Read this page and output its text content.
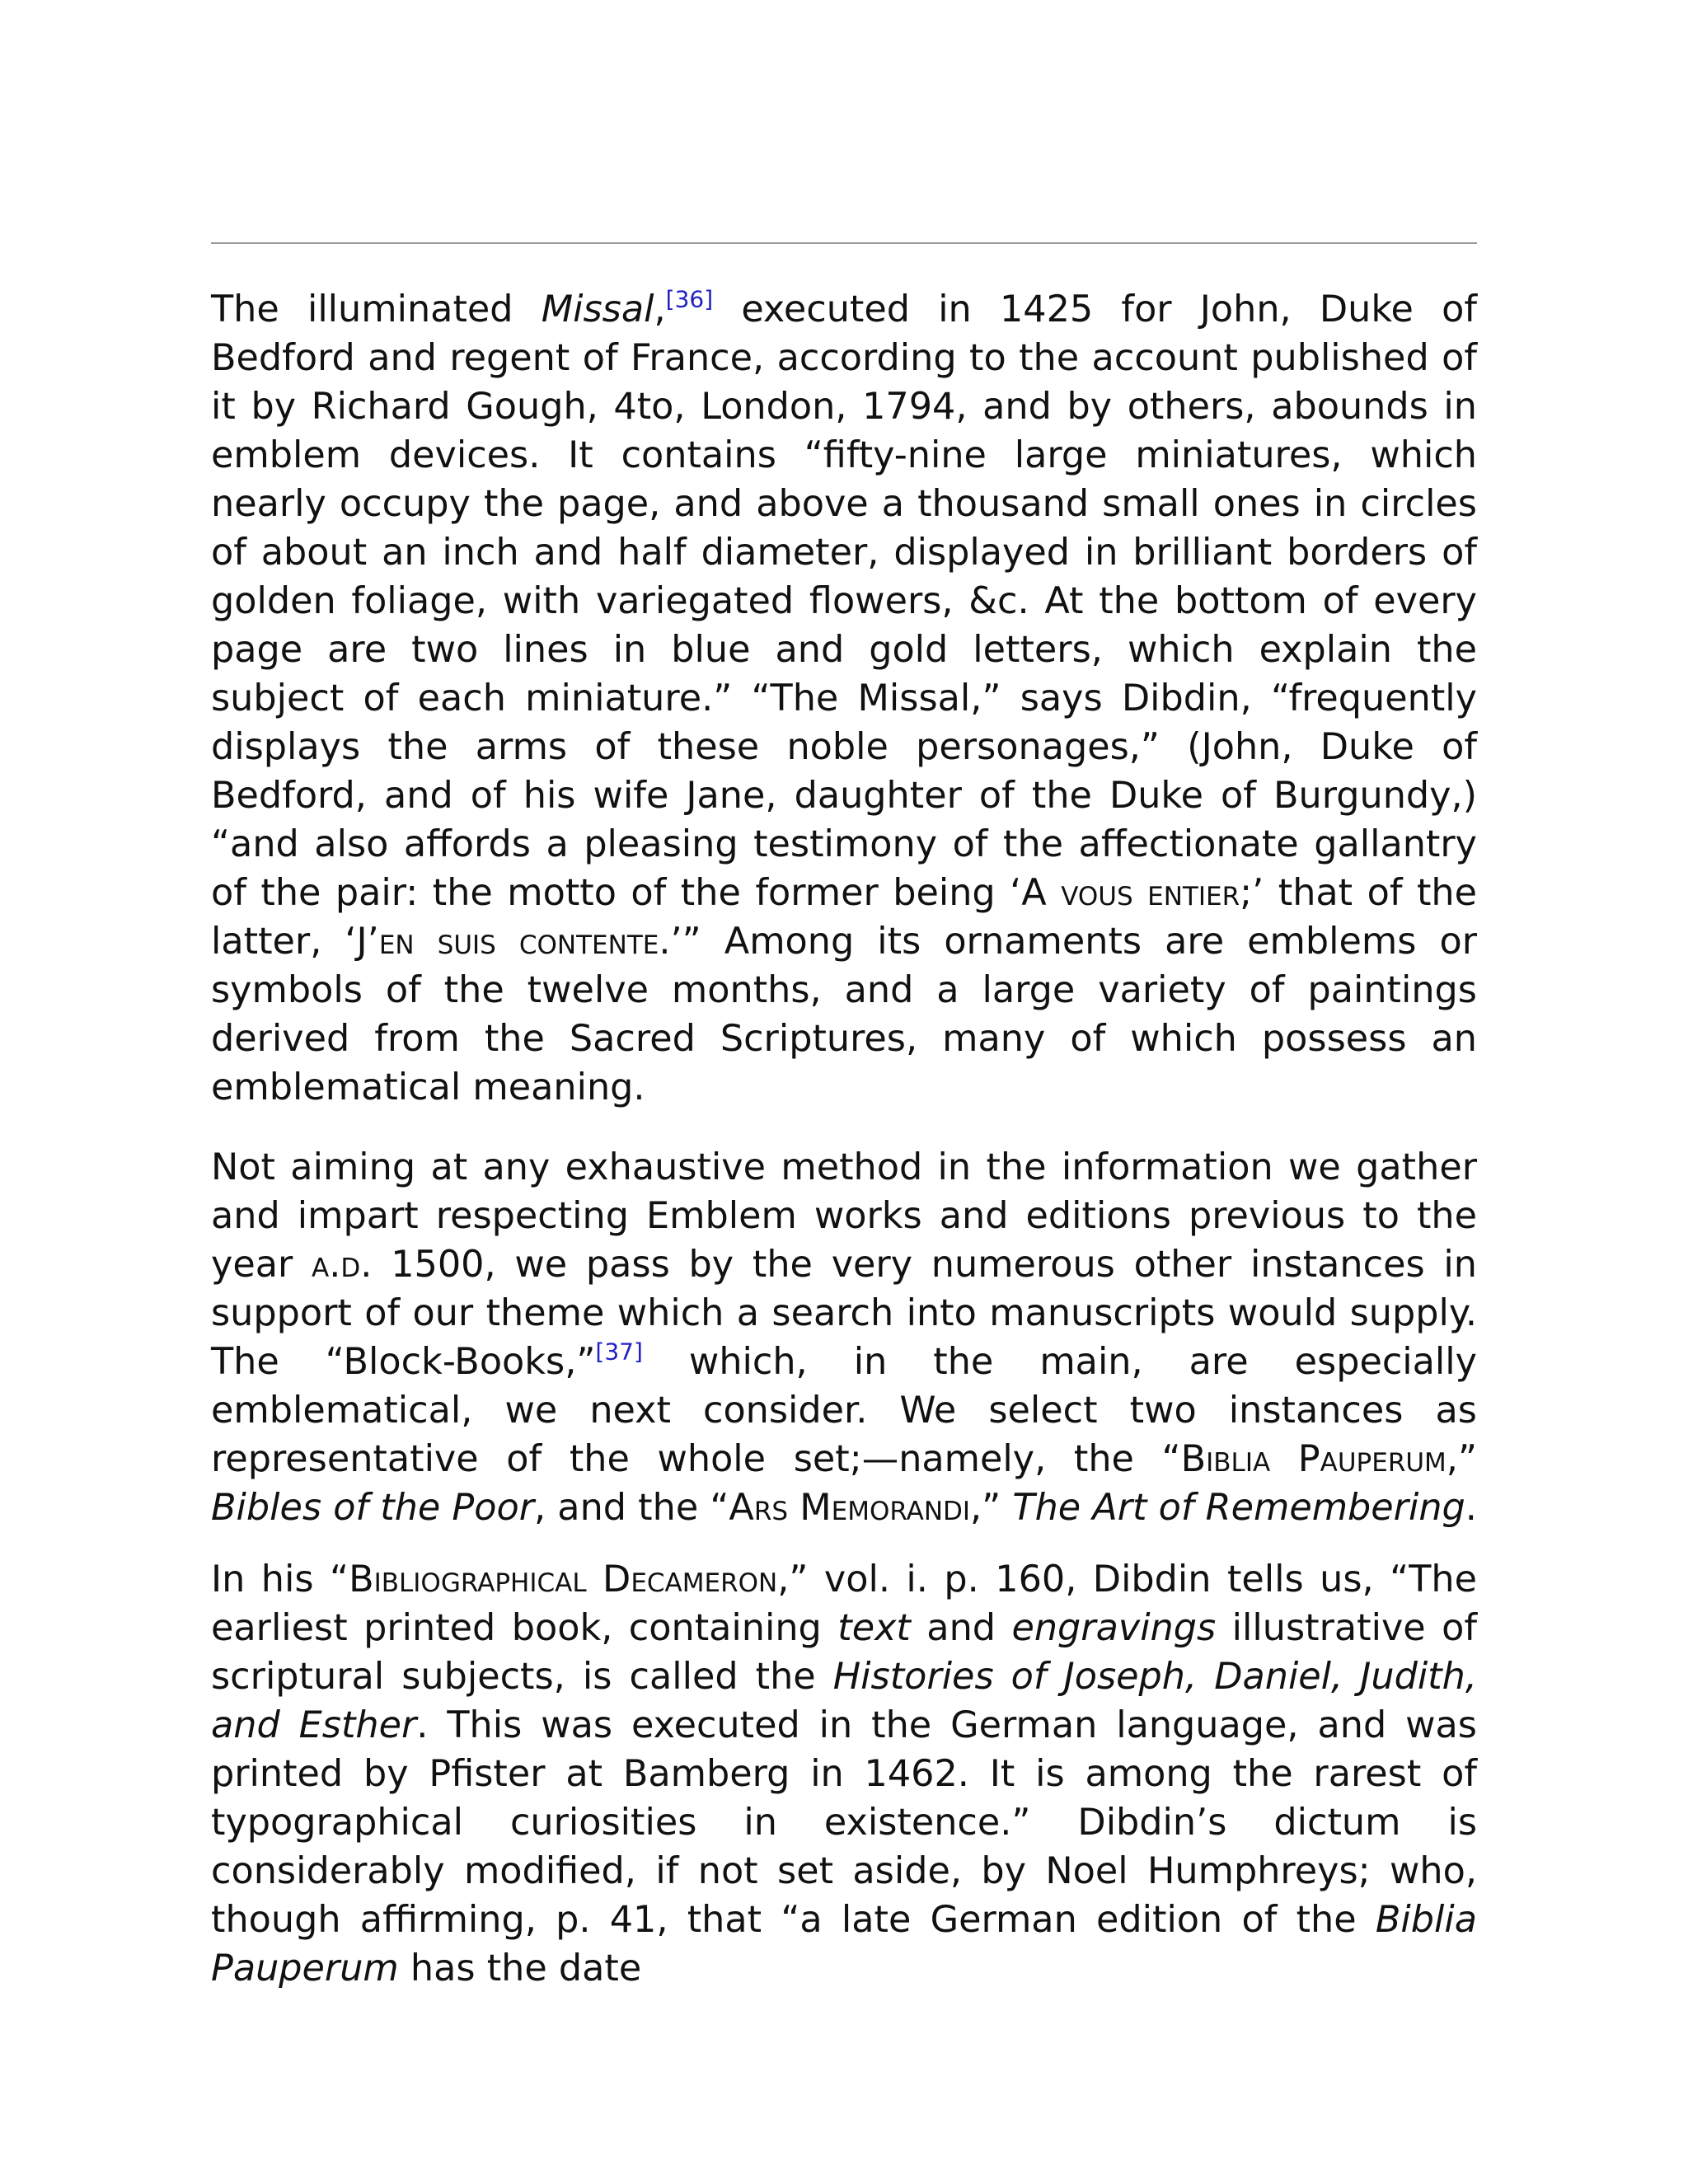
The illuminated Missal,[36] executed in 1425 for John, Duke of Bedford and regent of France, according to the account published of it by Richard Gough, 4to, London, 1794, and by others, abounds in emblem devices. It contains “fifty-nine large miniatures, which nearly occupy the page, and above a thousand small ones in circles of about an inch and half diameter, displayed in brilliant borders of golden foliage, with variegated flowers, &c. At the bottom of every page are two lines in blue and gold letters, which explain the subject of each miniature.” “The Missal,” says Dibdin, “frequently displays the arms of these noble personages,” (John, Duke of Bedford, and of his wife Jane, daughter of the Duke of Burgundy,) “and also affords a pleasing testimony of the affectionate gallantry of the pair: the motto of the former being ‘A vous entier;’ that of the latter, ‘J’en suis contente.’” Among its ornaments are emblems or symbols of the twelve months, and a large variety of paintings derived from the Sacred Scriptures, many of which possess an emblematical meaning.

Not aiming at any exhaustive method in the information we gather and impart respecting Emblem works and editions previous to the year a.d. 1500, we pass by the very numerous other instances in support of our theme which a search into manuscripts would supply. The “Block-Books,”[37] which, in the main, are especially emblematical, we next consider. We select two instances as representative of the whole set;—namely, the “Biblia Pauperum,” Bibles of the Poor, and the “Ars Memorandi,” The Art of Remembering.

In his “Bibliographical Decameron,” vol. i. p. 160, Dibdin tells us, “The earliest printed book, containing text and engravings illustrative of scriptural subjects, is called the Histories of Joseph, Daniel, Judith, and Esther. This was executed in the German language, and was printed by Pfister at Bamberg in 1462. It is among the rarest of typographical curiosities in existence.” Dibdin’s dictum is considerably modified, if not set aside, by Noel Humphreys; who, though affirming, p. 41, that “a late German edition of the Biblia Pauperum has the date
